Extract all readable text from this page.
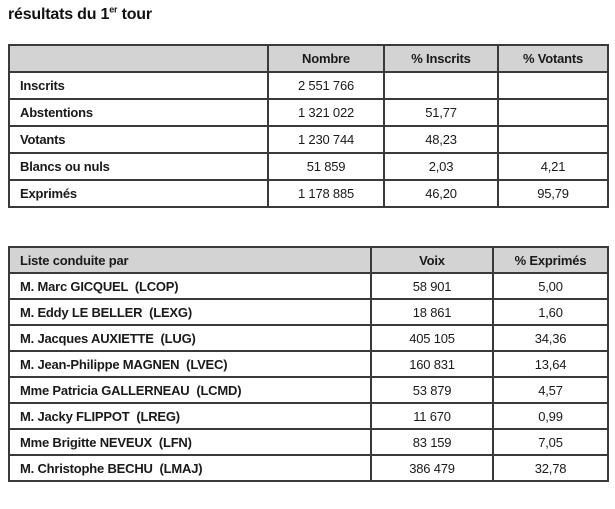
résultats du 1er tour
	Nombre	% Inscrits	% Votants
Inscrits	2 551 766		
Abstentions	1 321 022	51,77	
Votants	1 230 744	48,23	
Blancs ou nuls	51 859	2,03	4,21
Exprimés	1 178 885	46,20	95,79
Liste conduite par	Voix	% Exprimés
M. Marc GICQUEL  (LCOP)	58 901	5,00
M. Eddy LE BELLER  (LEXG)	18 861	1,60
M. Jacques AUXIETTE  (LUG)	405 105	34,36
M. Jean-Philippe MAGNEN  (LVEC)	160 831	13,64
Mme Patricia GALLERNEAU  (LCMD)	53 879	4,57
M. Jacky FLIPPOT  (LREG)	11 670	0,99
Mme Brigitte NEVEUX  (LFN)	83 159	7,05
M. Christophe BECHU  (LMAJ)	386 479	32,78
